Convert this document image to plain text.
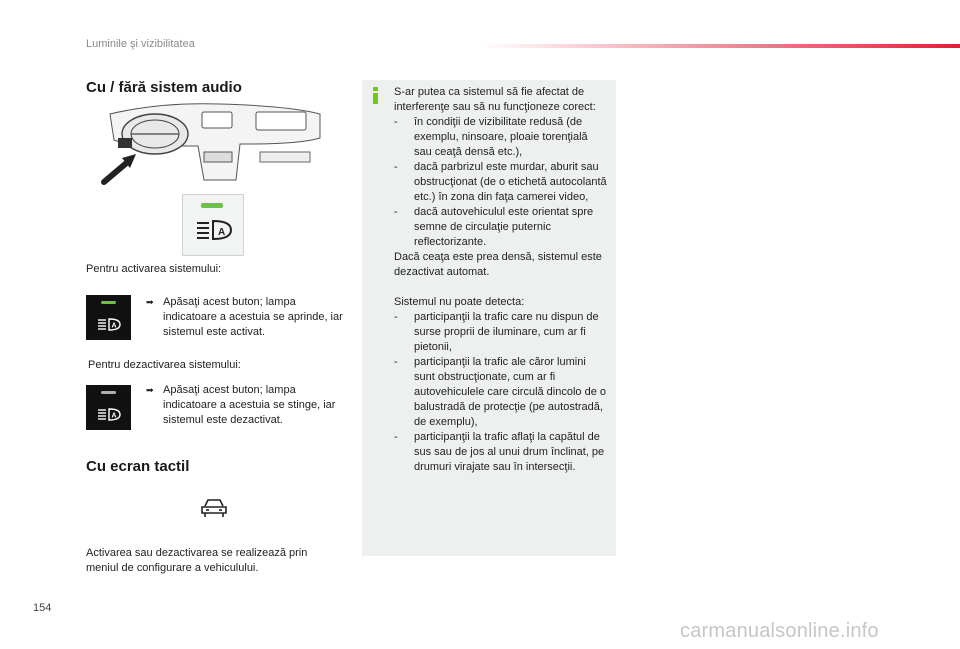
Luminile şi vizibilitatea
Cu / fără sistem audio
A

Pentru activarea sistemului:

A
➡ Apăsaţi acest buton; lampa indicatoare a acestuia se aprinde, iar sistemul este activat.

Pentru dezactivarea sistemului:

A
➡ Apăsaţi acest buton; lampa indicatoare a acestuia se stinge, iar sistemul este dezactivat.
Cu ecran tactil

Activarea sau dezactivarea se realizează prin meniul de configurare a vehiculului.

S-ar putea ca sistemul să fie afectat de interferenţe sau să nu funcţioneze corect:
- în condiţii de vizibilitate redusă (de exemplu, ninsoare, ploaie torenţială sau ceaţă densă etc.),
- dacă parbrizul este murdar, aburit sau obstrucţionat (de o etichetă autocolantă etc.) în zona din faţa camerei video,
- dacă autovehiculul este orientat spre semne de circulaţie puternic reflectorizante.
Dacă ceaţa este prea densă, sistemul este dezactivat automat.
Sistemul nu poate detecta:
- participanţii la trafic care nu dispun de surse proprii de iluminare, cum ar fi pietonii,
- participanţii la trafic ale căror lumini sunt obstrucţionate, cum ar fi autovehiculele care circulă dincolo de o balustradă de protecţie (pe autostradă, de exemplu),
- participanţii la trafic aflaţi la capătul de sus sau de jos al unui drum înclinat, pe drumuri virajate sau în intersecţii.
154
carmanualsonline.info
